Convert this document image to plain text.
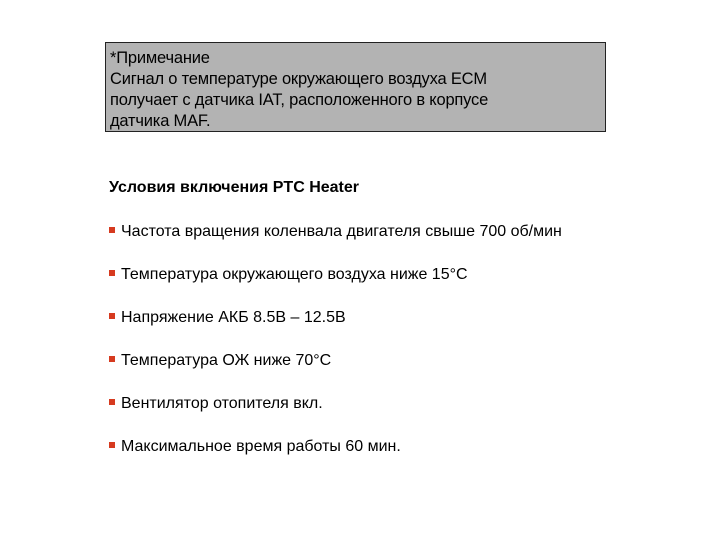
*Примечание
Сигнал о температуре окружающего воздуха ECM
получает с датчика IAT, расположенного в корпусе
датчика MAF.
Условия включения PTC Heater
Частота вращения коленвала двигателя свыше 700 об/мин
Температура окружающего воздуха ниже 15°С
Напряжение АКБ 8.5В – 12.5В
Температура ОЖ ниже 70°С
Вентилятор отопителя вкл.
Максимальное время работы 60 мин.
